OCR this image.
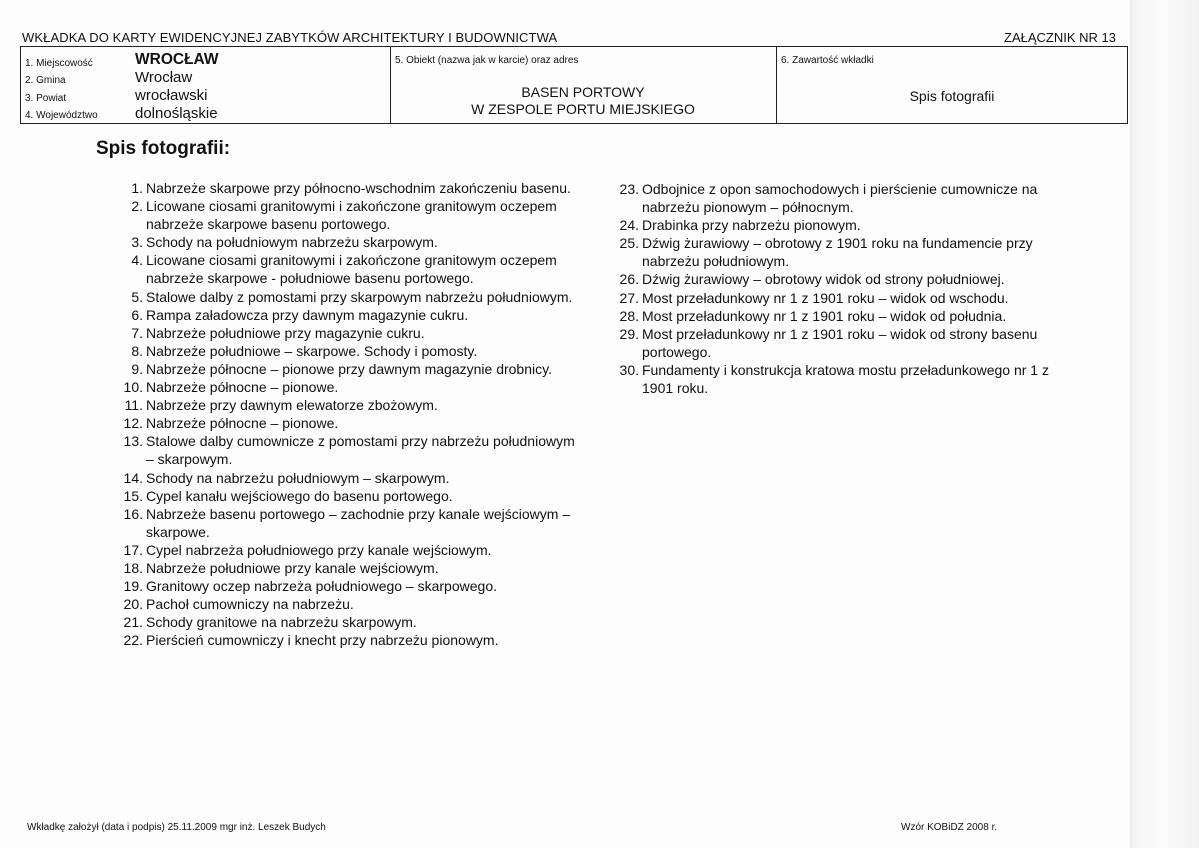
WKŁADKA DO KARTY EWIDENCYJNEJ ZABYTKÓW ARCHITEKTURY I BUDOWNICTWA	ZAŁĄCZNIK NR 13
1. Miejscowość	WROCŁAW
2. Gmina	Wrocław
3. Powiat	wrocławski
4. Województwo dolnośląskie
5. Obiekt (nazwa jak w karcie) oraz adres
BASEN PORTOWY
W ZESPOLE PORTU MIEJSKIEGO
6. Zawartość wkładki
Spis fotografii
Spis fotografii:
1. Nabrzeże skarpowe przy północno-wschodnim zakończeniu basenu.
2. Licowane ciosami granitowymi i zakończone granitowym oczepem nabrzeże skarpowe basenu portowego.
3. Schody na południowym nabrzeżu skarpowym.
4. Licowane ciosami granitowymi i zakończone granitowym oczepem nabrzeże skarpowe - południowe basenu portowego.
5. Stalowe dalby z pomostami przy skarpowym nabrzeżu południowym.
6. Rampa załadowcza przy dawnym magazynie cukru.
7. Nabrzeże południowe przy magazynie cukru.
8. Nabrzeże południowe – skarpowe. Schody i pomosty.
9. Nabrzeże północne – pionowe przy dawnym magazynie drobnicy.
10. Nabrzeże północne – pionowe.
11. Nabrzeże przy dawnym elewatorze zbożowym.
12. Nabrzeże północne – pionowe.
13. Stalowe dalby cumownicze z pomostami przy nabrzeżu południowym – skarpowym.
14. Schody na nabrzeżu południowym – skarpowym.
15. Cypel kanału wejściowego do basenu portowego.
16. Nabrzeże basenu portowego – zachodnie przy kanale wejściowym – skarpowe.
17. Cypel nabrzeża południowego przy kanale wejściowym.
18. Nabrzeże południowe przy kanale wejściowym.
19. Granitowy oczep nabrzeża południowego – skarpowego.
20. Pachoł cumowniczy na nabrzeżu.
21. Schody granitowe na nabrzeżu skarpowym.
22. Pierścień cumowniczy i knecht przy nabrzeżu pionowym.
23. Odbojnice z opon samochodowych i pierścienie cumownicze na nabrzeżu pionowym – północnym.
24. Drabinka przy nabrzeżu pionowym.
25. Dźwig żurawiowy – obrotowy z 1901 roku na fundamencie przy nabrzeżu południowym.
26. Dźwig żurawiowy – obrotowy widok od strony południowej.
27. Most przeładunkowy nr 1 z 1901 roku – widok od wschodu.
28. Most przeładunkowy nr 1 z 1901 roku – widok od południa.
29. Most przeładunkowy nr 1 z 1901 roku – widok od strony basenu portowego.
30. Fundamenty i konstrukcja kratowa mostu przeładunkowego nr 1 z 1901 roku.
Wkładkę założył (data i podpis) 25.11.2009 mgr inż. Leszek Budych	Wzór KOBiDZ 2008 r.
